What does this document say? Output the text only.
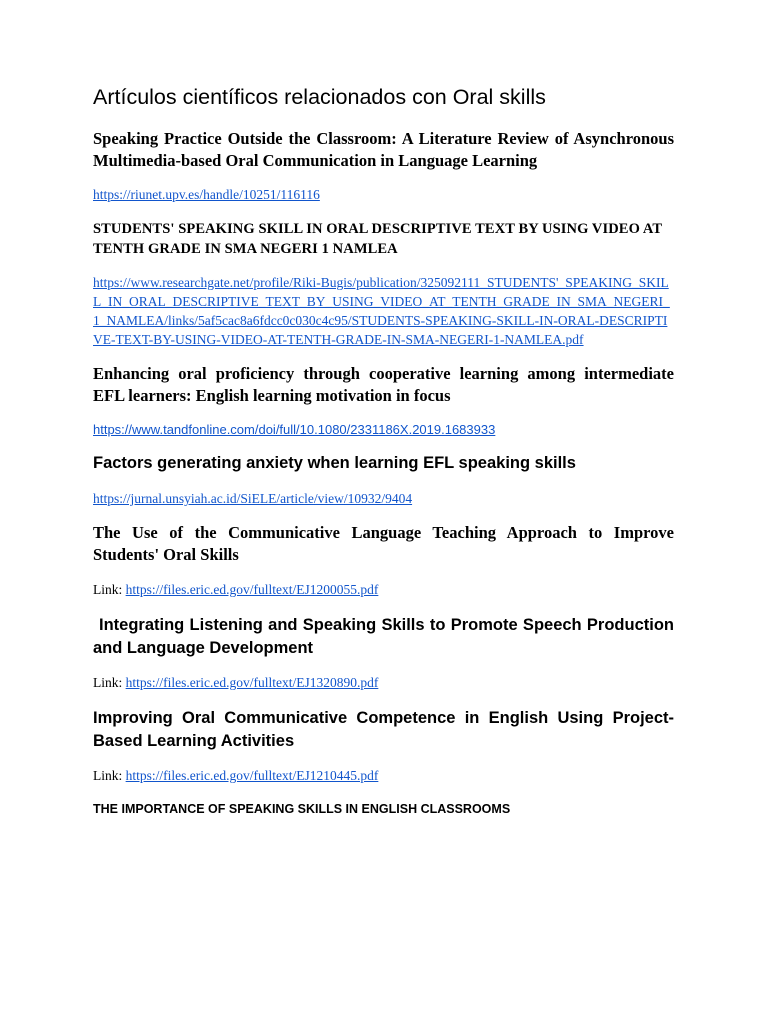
Artículos científicos relacionados con Oral skills

Speaking Practice Outside the Classroom: A Literature Review of Asynchronous Multimedia-based Oral Communication in Language Learning

https://riunet.upv.es/handle/10251/116116

STUDENTS' SPEAKING SKILL IN ORAL DESCRIPTIVE TEXT BY USING VIDEO AT TENTH GRADE IN SMA NEGERI 1 NAMLEA

https://www.researchgate.net/profile/Riki-Bugis/publication/325092111_STUDENTS'_SPEAKING_SKILL_IN_ORAL_DESCRIPTIVE_TEXT_BY_USING_VIDEO_AT_TENTH_GRADE_IN_SMA_NEGERI_1_NAMLEA/links/5af5cac8a6fdcc0c030c4c95/STUDENTS-SPEAKING-SKILL-IN-ORAL-DESCRIPTIVE-TEXT-BY-USING-VIDEO-AT-TENTH-GRADE-IN-SMA-NEGERI-1-NAMLEA.pdf

Enhancing oral proficiency through cooperative learning among intermediate EFL learners: English learning motivation in focus

https://www.tandfonline.com/doi/full/10.1080/2331186X.2019.1683933

Factors generating anxiety when learning EFL speaking skills

https://jurnal.unsyiah.ac.id/SiELE/article/view/10932/9404

The Use of the Communicative Language Teaching Approach to Improve Students' Oral Skills

Link: https://files.eric.ed.gov/fulltext/EJ1200055.pdf

Integrating Listening and Speaking Skills to Promote Speech Production and Language Development

Link: https://files.eric.ed.gov/fulltext/EJ1320890.pdf

Improving Oral Communicative Competence in English Using Project-Based Learning Activities

Link: https://files.eric.ed.gov/fulltext/EJ1210445.pdf

THE IMPORTANCE OF SPEAKING SKILLS IN ENGLISH CLASSROOMS
